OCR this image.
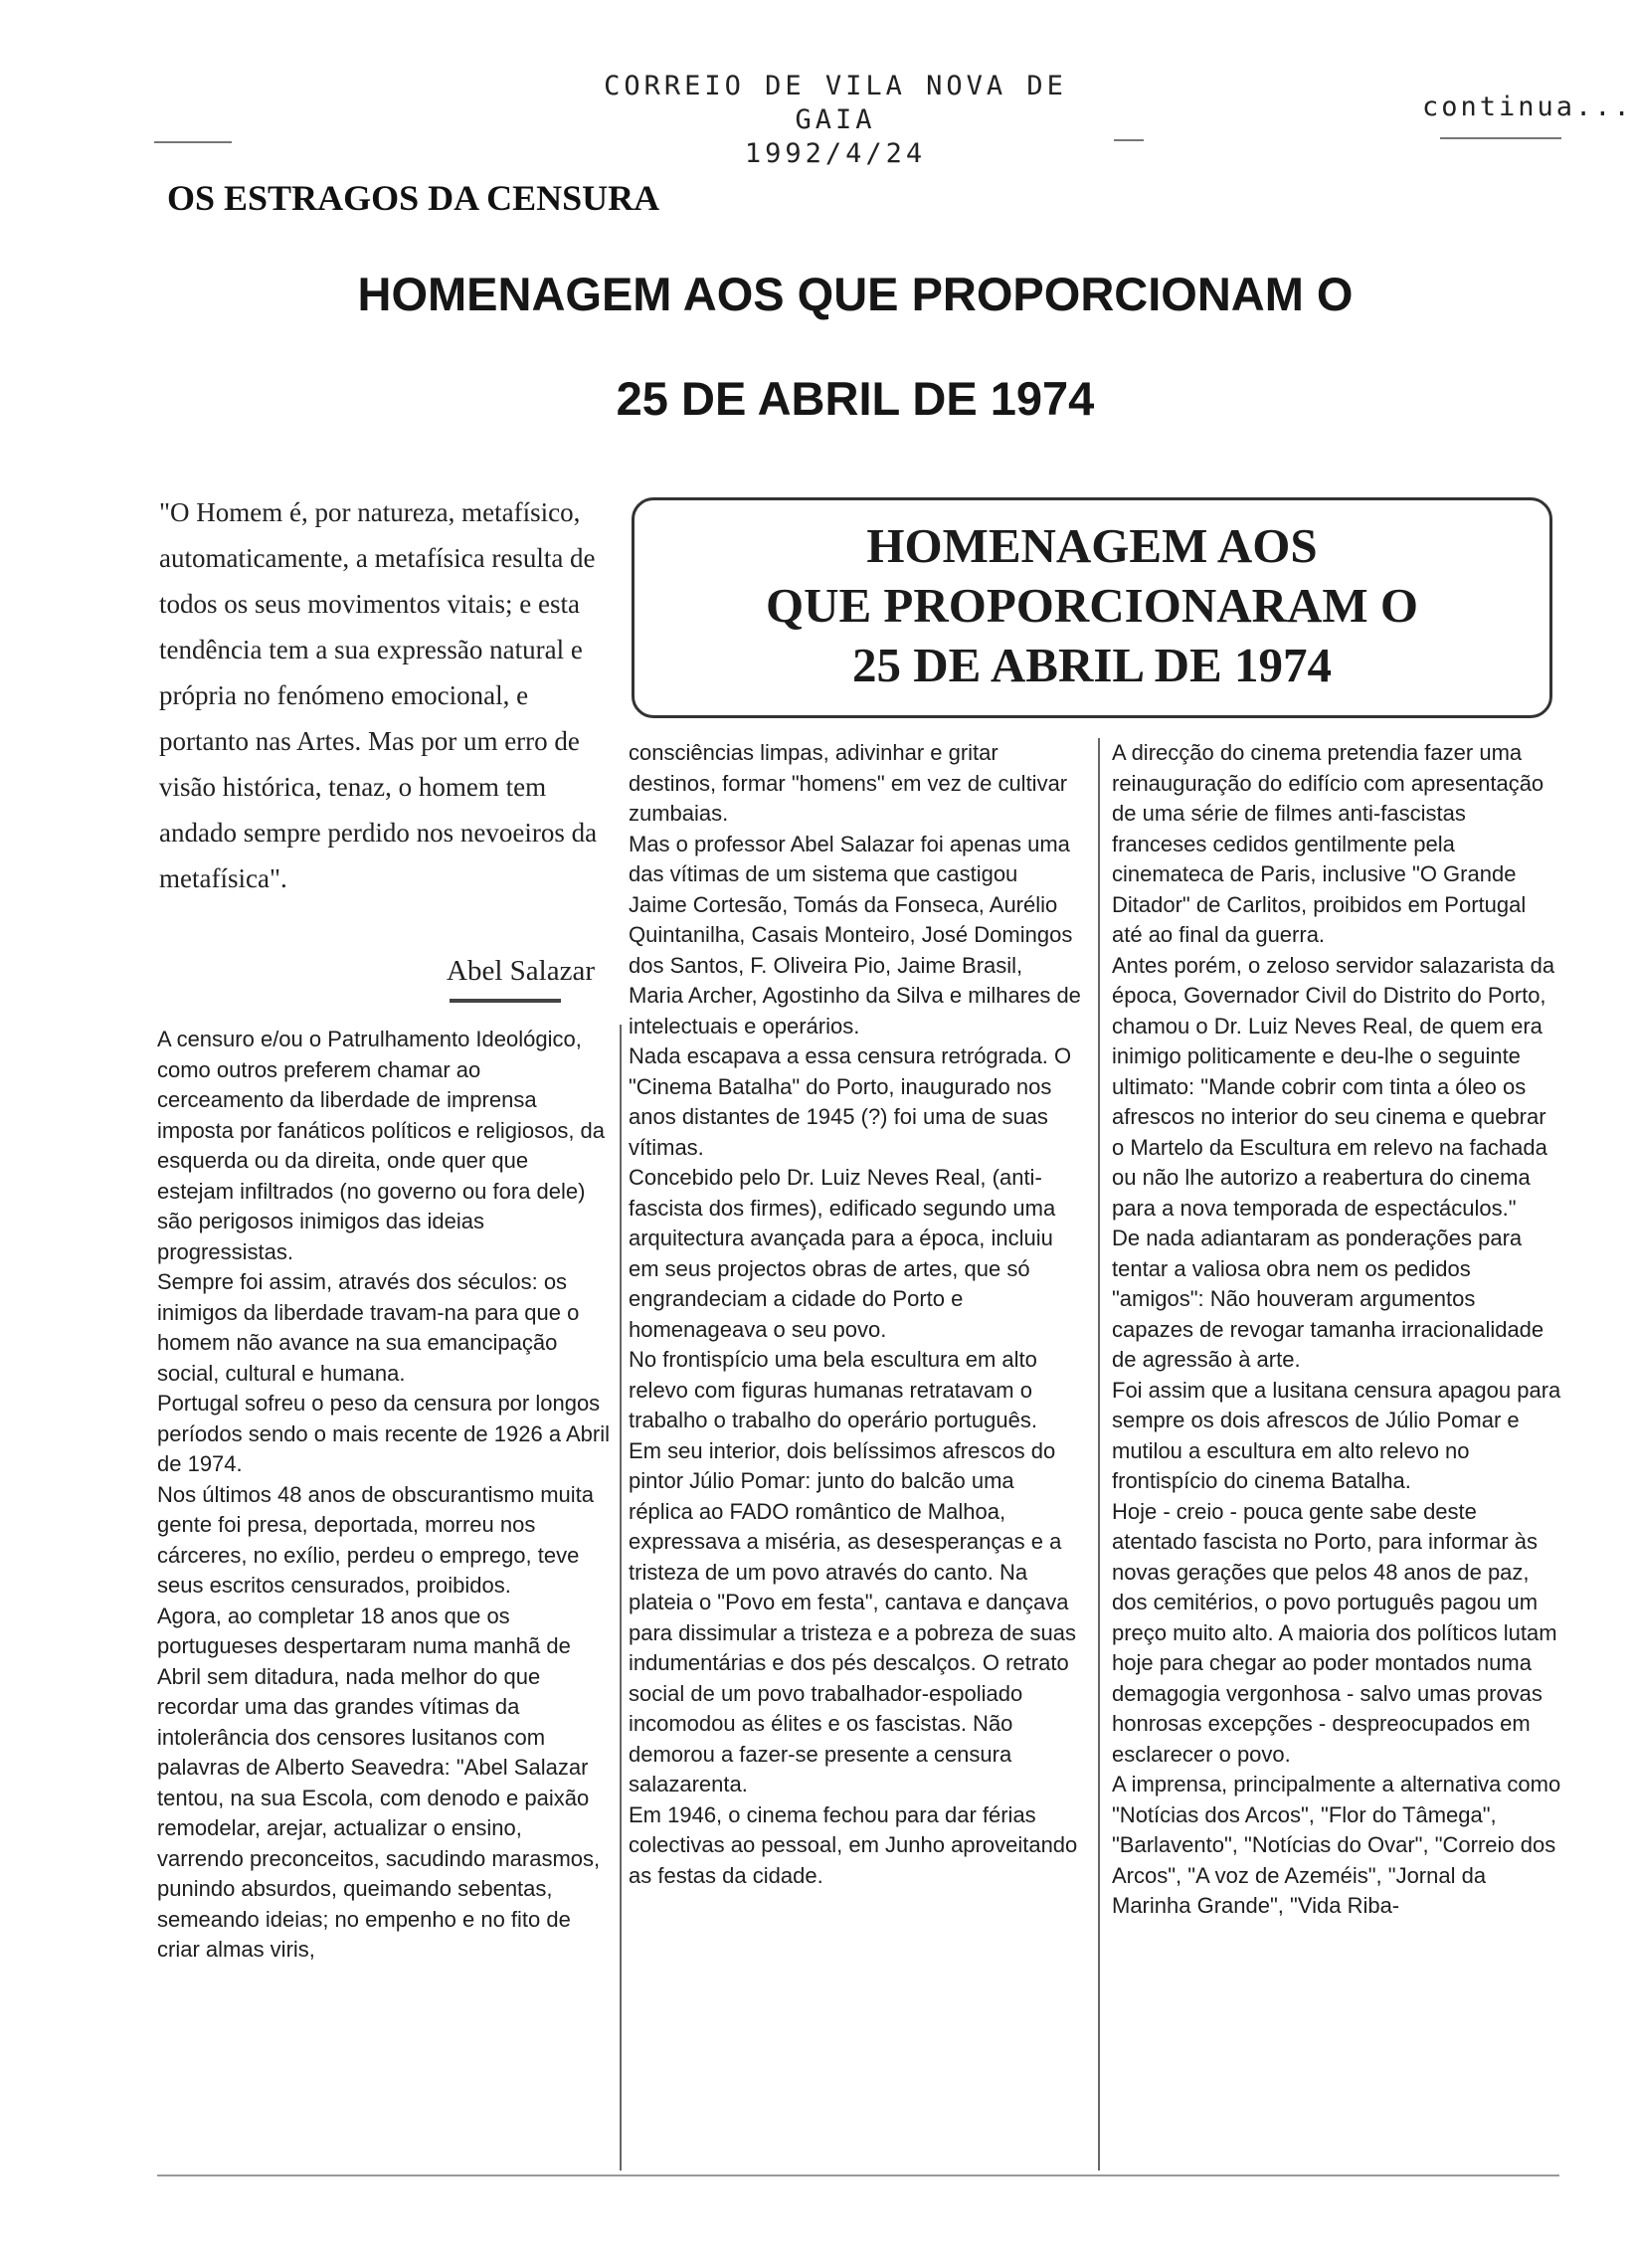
CORREIO DE VILA NOVA DE GAIA
1992/4/24
continua...
OS ESTRAGOS DA CENSURA
HOMENAGEM AOS QUE PROPORCIONAM O
25 DE ABRIL DE 1974
"O Homem é, por natureza, metafísico, automaticamente, a metafísica resulta de todos os seus movimentos vitais; e esta tendência tem a sua expressão natural e própria no fenómeno emocional, e portanto nas Artes. Mas por um erro de visão histórica, tenaz, o homem tem andado sempre perdido nos nevoeiros da metafísica".
Abel Salazar
HOMENAGEM AOS
QUE PROPORCIONARAM O
25 DE ABRIL DE 1974

A censuro e/ou o Patrulhamento Ideológico, como outros preferem chamar ao cerceamento da liberdade de imprensa imposta por fanáticos políticos e religiosos, da esquerda ou da direita, onde quer que estejam infiltrados (no governo ou fora dele) são perigosos inimigos das ideias progressistas.

Sempre foi assim, através dos séculos: os inimigos da liberdade travam-na para que o homem não avance na sua emancipação social, cultural e humana.

Portugal sofreu o peso da censura por longos períodos sendo o mais recente de 1926 a Abril de 1974.

Nos últimos 48 anos de obscurantismo muita gente foi presa, deportada, morreu nos cárceres, no exílio, perdeu o emprego, teve seus escritos censurados, proibidos.

Agora, ao completar 18 anos que os portugueses despertaram numa manhã de Abril sem ditadura, nada melhor do que recordar uma das grandes vítimas da intolerância dos censores lusitanos com palavras de Alberto Seavedra: "Abel Salazar tentou, na sua Escola, com denodo e paixão remodelar, arejar, actualizar o ensino, varrendo preconceitos, sacudindo marasmos, punindo absurdos, queimando sebentas, semeando ideias; no empenho e no fito de criar almas viris,

consciências limpas, adivinhar e gritar destinos, formar "homens" em vez de cultivar zumbaias.

Mas o professor Abel Salazar foi apenas uma das vítimas de um sistema que castigou Jaime Cortesão, Tomás da Fonseca, Aurélio Quintanilha, Casais Monteiro, José Domingos dos Santos, F. Oliveira Pio, Jaime Brasil, Maria Archer, Agostinho da Silva e milhares de intelectuais e operários.

Nada escapava a essa censura retrógrada. O "Cinema Batalha" do Porto, inaugurado nos anos distantes de 1945 (?) foi uma de suas vítimas.

Concebido pelo Dr. Luiz Neves Real, (anti-fascista dos firmes), edificado segundo uma arquitectura avançada para a época, incluiu em seus projectos obras de artes, que só engrandeciam a cidade do Porto e homenageava o seu povo.

No frontispício uma bela escultura em alto relevo com figuras humanas retratavam o trabalho o trabalho do operário português.

Em seu interior, dois belíssimos afrescos do pintor Júlio Pomar: junto do balcão uma réplica ao FADO romântico de Malhoa, expressava a miséria, as desesperanças e a tristeza de um povo através do canto. Na plateia o "Povo em festa", cantava e dançava para dissimular a tristeza e a pobreza de suas indumentárias e dos pés descalços. O retrato social de um povo trabalhador-espoliado incomodou as élites e os fascistas. Não demorou a fazer-se presente a censura salazarenta.

Em 1946, o cinema fechou para dar férias colectivas ao pessoal, em Junho aproveitando as festas da cidade.

A direcção do cinema pretendia fazer uma reinauguração do edifício com apresentação de uma série de filmes anti-fascistas franceses cedidos gentilmente pela cinemateca de Paris, inclusive "O Grande Ditador" de Carlitos, proibidos em Portugal até ao final da guerra.

Antes porém, o zeloso servidor salazarista da época, Governador Civil do Distrito do Porto, chamou o Dr. Luiz Neves Real, de quem era inimigo politicamente e deu-lhe o seguinte ultimato: "Mande cobrir com tinta a óleo os afrescos no interior do seu cinema e quebrar o Martelo da Escultura em relevo na fachada ou não lhe autorizo a reabertura do cinema para a nova temporada de espectáculos."

De nada adiantaram as ponderações para tentar a valiosa obra nem os pedidos "amigos": Não houveram argumentos capazes de revogar tamanha irracionalidade de agressão à arte.

Foi assim que a lusitana censura apagou para sempre os dois afrescos de Júlio Pomar e mutilou a escultura em alto relevo no frontispício do cinema Batalha.

Hoje - creio - pouca gente sabe deste atentado fascista no Porto, para informar às novas gerações que pelos 48 anos de paz, dos cemitérios, o povo português pagou um preço muito alto. A maioria dos políticos lutam hoje para chegar ao poder montados numa demagogia vergonhosa - salvo umas provas honrosas excepções - despreocupados em esclarecer o povo.

A imprensa, principalmente a alternativa como "Notícias dos Arcos", "Flor do Tâmega", "Barlavento", "Notícias do Ovar", "Correio dos Arcos", "A voz de Azeméis", "Jornal da Marinha Grande", "Vida Riba-
